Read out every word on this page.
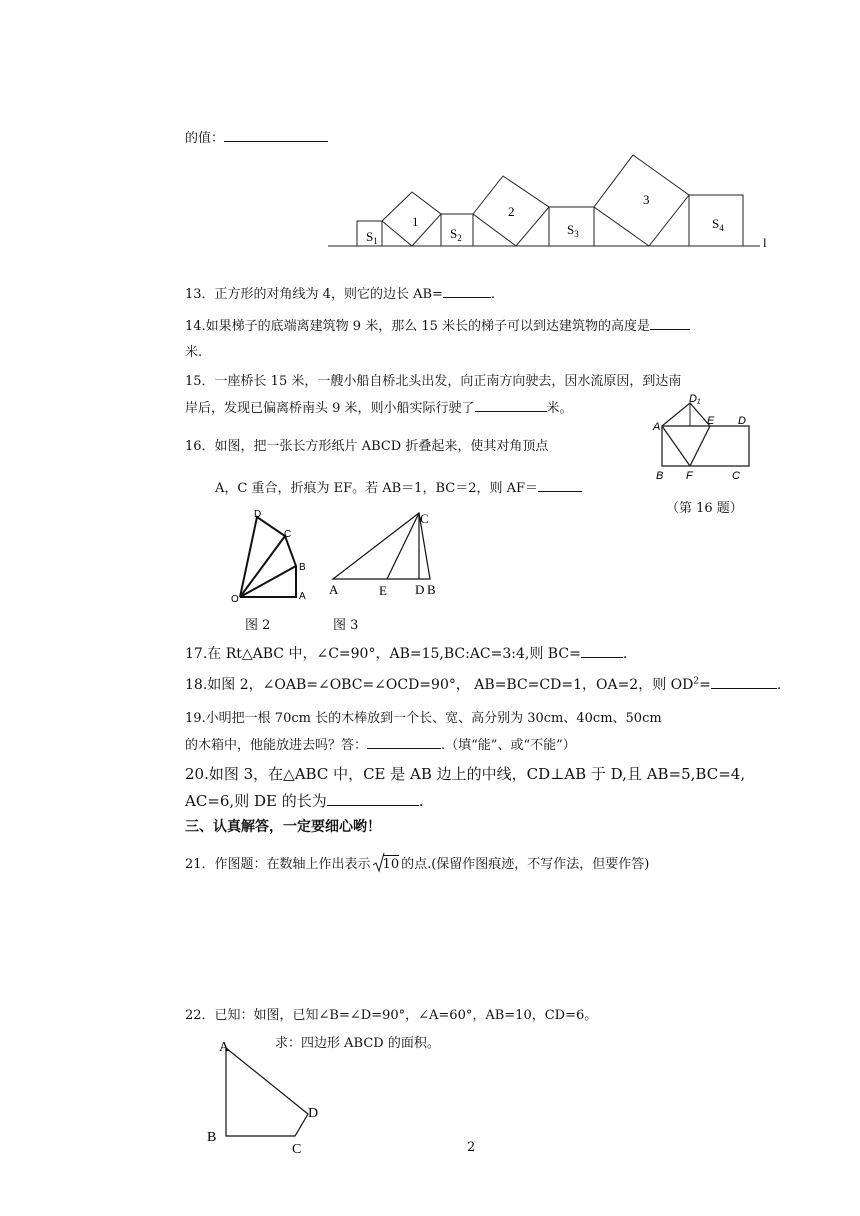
的值：
l
1
2
3
$S_1$	$S_2$
$S_3$
$S_4$
13．正方形的对角线为 4，则它的边长 AB=	.
14.如果梯子的底端离建筑物 9 米，那么 15 米长的梯子可以到达建筑物的高度是
米.
15．一座桥长 15 米，一艘小船自桥北头出发，向正南方向驶去，因水流原因，到达南
岸后，发现已偏离桥南头 9 米，则小船实际行驶了	米。
16．如图，把一张长方形纸片 ABCD 折叠起来，使其对角顶点
A，C 重合，折痕为 EF。若 AB＝1，BC＝2，则 AF＝
D₁
A	E D
B F	C
（第 16 题）
D
C
B
O	A
图 2
C
A	E D B
图 3
17.在 Rt△ABC 中，∠C=90°，AB=15,BC:AC=3:4,则 BC=	.
18.如图 2，∠OAB=∠OBC=∠OCD=90°， AB=BC=CD=1，OA=2，则 $OD^2=$	.
19.小明把一根 70cm 长的木棒放到一个长、宽、高分别为 30cm、40cm、50cm
的木箱中，他能放进去吗？答：	.（填“能”、或“不能”）
20.如图 3，在△ABC 中，CE 是 AB 边上的中线，CD⊥AB 于 D,且 AB=5,BC=4,
AC=6,则 DE 的长为	.
三、认真解答，一定要细心哟！
21．作图题：在数轴上作出表示 10 的点.(保留作图痕迹，不写作法，但要作答)
22．已知：如图，已知∠B=∠D=90°，∠A=60°，AB=10，CD=6。
求：四边形 ABCD 的面积。
A
B
C
D
2
